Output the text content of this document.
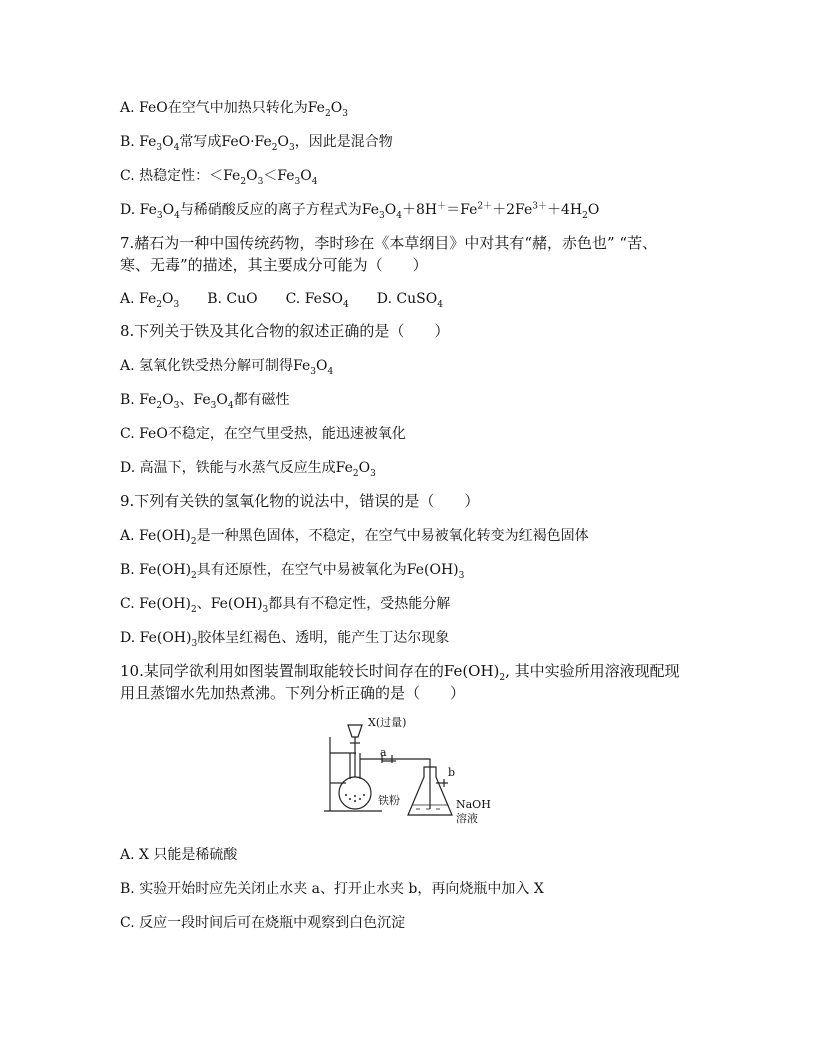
A. FeO在空气中加热只转化为$Fe_2O_3$
B. $Fe_3O_4$常写成$FeO\cdot Fe_2O_3$，因此是混合物
C. 热稳定性：$<Fe_2O_3<Fe_3O_4$
D. $Fe_3O_4$与稀硝酸反应的离子方程式为$Fe_3O_4+8H^+=Fe^{2+}+2Fe^{3+}+4H_2O$
7.赭石为一种中国传统药物，李时珍在《本草纲目》中对其有“赭，赤色也” “苦、
寒、无毒”的描述，其主要成分可能为（　　）
A. $Fe_2O_3$　　B. CuO　　C. FeSO$_4$　　D. CuSO$_4$
8.下列关于铁及其化合物的叙述正确的是（　　）
A. 氢氧化铁受热分解可制得$Fe_3O_4$
B. $Fe_2O_3$、$Fe_3O_4$都有磁性
C. FeO不稳定，在空气里受热，能迅速被氧化
D. 高温下，铁能与水蒸气反应生成$Fe_2O_3$
9.下列有关铁的氢氧化物的说法中，错误的是（　　）
A. $Fe(OH)_2$是一种黑色固体，不稳定，在空气中易被氧化转变为红褐色固体
B. $Fe(OH)_2$具有还原性，在空气中易被氧化为$Fe(OH)_3$
C. $Fe(OH)_2$、$Fe(OH)_3$都具有不稳定性，受热能分解
D. $Fe(OH)_3$胶体呈红褐色、透明，能产生丁达尔现象
10.某同学欲利用如图装置制取能较长时间存在的$Fe(OH)_2$, 其中实验所用溶液现配现
用且蒸馏水先加热煮沸。下列分析正确的是（　　）
A. X 只能是稀硫酸
B. 实验开始时应先关闭止水夹 a、打开止水夹 b，再向烧瓶中加入 X
C. 反应一段时间后可在烧瓶中观察到白色沉淀
X(过量)
a
b
铁粉	NaOH
溶液
